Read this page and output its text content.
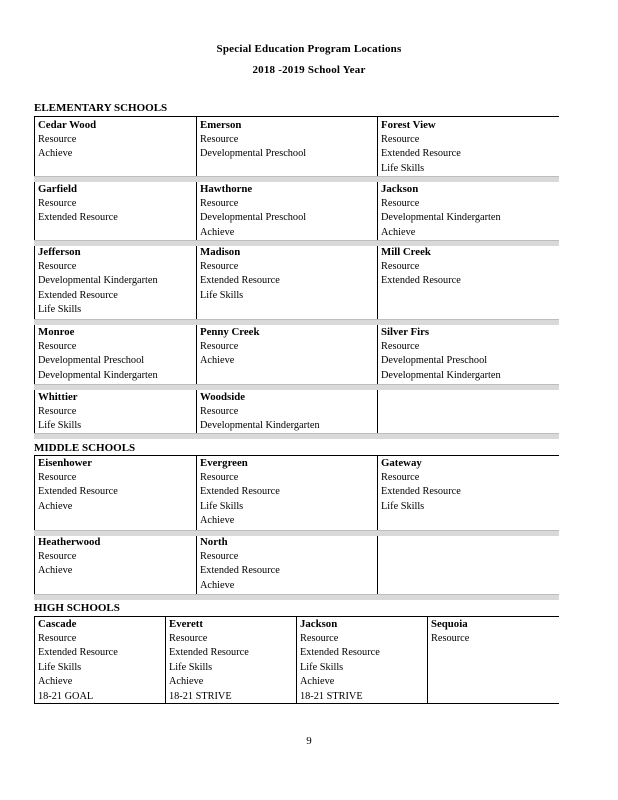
Special Education Program Locations
2018 -2019 School Year
ELEMENTARY SCHOOLS
Cedar Wood
Resource
Achieve
Emerson
Resource
Developmental Preschool
Forest View
Resource
Extended Resource
Life Skills
Garfield
Resource
Extended Resource
Hawthorne
Resource
Developmental Preschool
Achieve
Jackson
Resource
Developmental Kindergarten
Achieve
Jefferson
Resource
Developmental Kindergarten
Extended Resource
Life Skills
Madison
Resource
Extended Resource
Life Skills
Mill Creek
Resource
Extended Resource
Monroe
Resource
Developmental Preschool
Developmental Kindergarten
Penny Creek
Resource
Achieve
Silver Firs
Resource
Developmental Preschool
Developmental Kindergarten
Whittier
Resource
Life Skills
Woodside
Resource
Developmental Kindergarten
MIDDLE SCHOOLS
Eisenhower
Resource
Extended Resource
Achieve
Evergreen
Resource
Extended Resource
Life Skills
Achieve
Gateway
Resource
Extended Resource
Life Skills
Heatherwood
Resource
Achieve
North
Resource
Extended Resource
Achieve
HIGH SCHOOLS
Cascade
Resource
Extended Resource
Life Skills
Achieve
18-21 GOAL
Everett
Resource
Extended Resource
Life Skills
Achieve
18-21 STRIVE
Jackson
Resource
Extended Resource
Life Skills
Achieve
18-21 STRIVE
Sequoia
Resource
9
